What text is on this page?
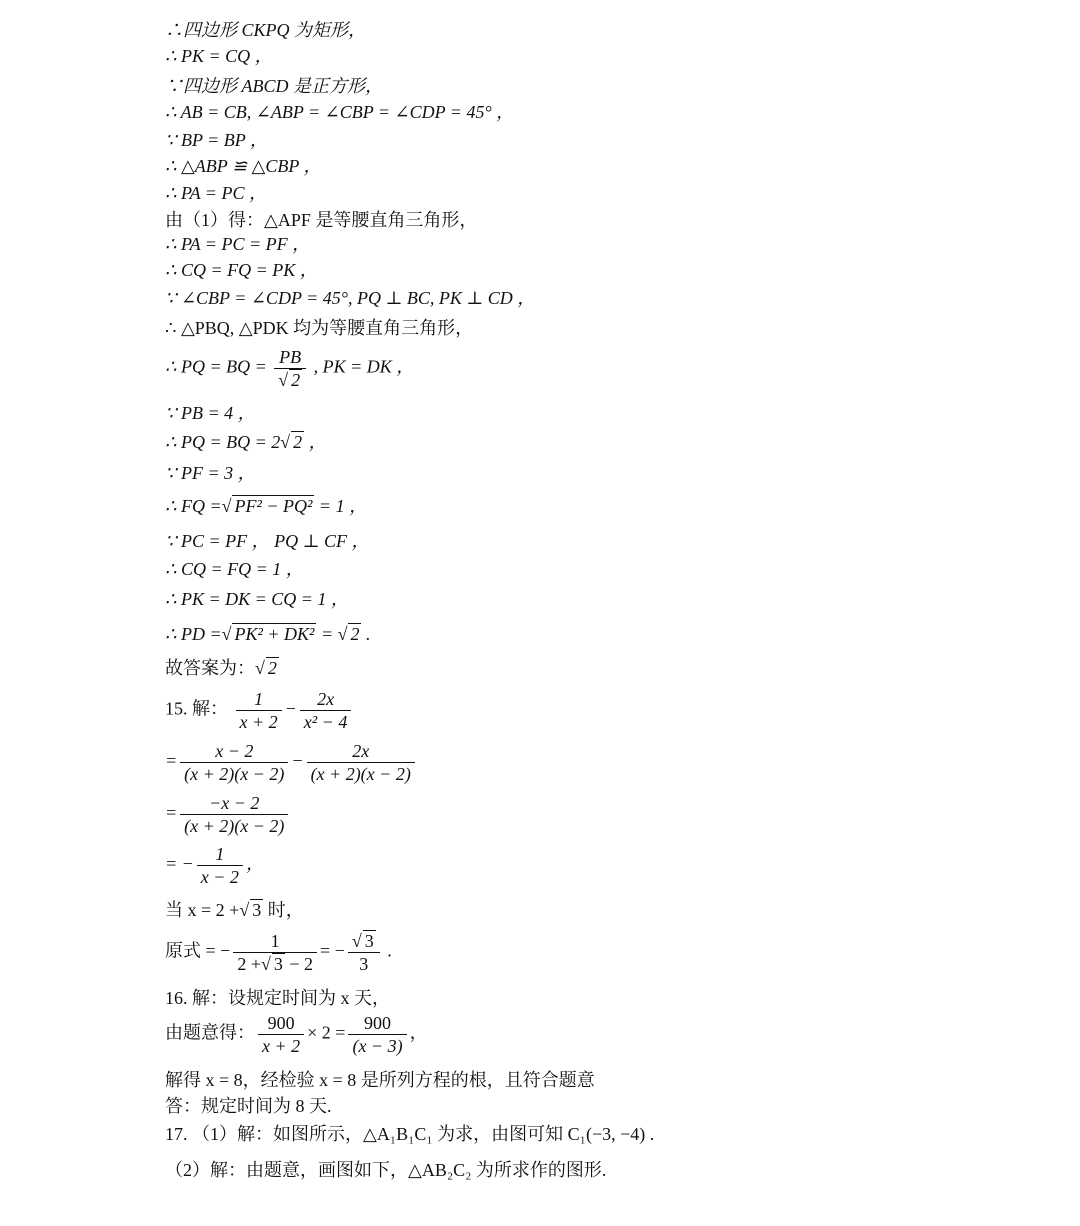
∴四边形 CKPQ 为矩形，
∴ PK = CQ ，
∵四边形 ABCD 是正方形，
∴ AB = CB, ∠ABP = ∠CBP = ∠CDP = 45° ，
∵ BP = BP ，
∴ △ABP ≌ △CBP ，
∴ PA = PC ，
由（1）得：△APF 是等腰直角三角形，
∴ PA = PC = PF ，
∴ CQ = FQ = PK ，
∵ ∠CBP = ∠CDP = 45°, PQ ⊥ BC, PK ⊥ CD ，
∴ △PBQ, △PDK 均为等腰直角三角形，
∴ PQ = BQ = $\frac{PB}{√ 2}$ , PK = DK ，
∵ PB = 4 ，
∴ PQ = BQ = 2√ 2 ，
∵ PF = 3 ，
∴ FQ =√ PF² − PQ² = 1 ，
∵ PC = PF ， PQ ⊥ CF ，
∴ CQ = FQ = 1 ，
∴ PK = DK = CQ = 1 ，
∴ PD =√ PK² + DK² = √ 2 .
故答案为：√ 2
15. 解： $\frac{1}{x + 2} - \frac{2x}{\text{x² − 4}}$
= $\frac{x - 2}{(x + 2)(x - 2)} - \frac{2x}{(x + 2)(x - 2)}$
= $\frac{-x - 2}{(x + 2)(x - 2)}$
= − $\frac{1}{x - 2}$ ，
当 x = 2 +√ 3 时，
原式 = − $\frac{1}{2 +√ 3 - 2}$ = − $\frac{√ 3}{3}$ .
16. 解：设规定时间为 x 天，
由题意得： $\frac{900}{x + 2} \times 2 = \frac{900}{(x - 3)}$ ，
解得 x = 8，经检验 x = 8 是所列方程的根，且符合题意
答：规定时间为 8 天.
17. （1）解：如图所示，△A₁B₁C₁ 为求，由图可知 C₁(−3, −4) .
（2）解：由题意，画图如下，△AB₂C₂ 为所求作的图形.
